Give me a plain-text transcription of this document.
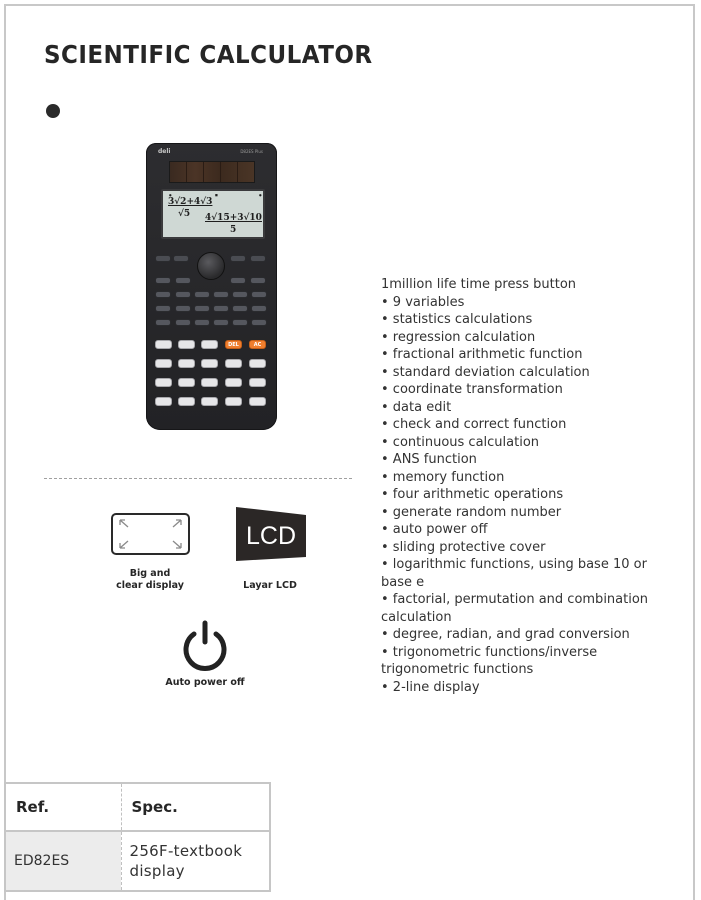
SCIENTIFIC CALCULATOR
deli	D82ES Plus
●	■	●
3√2+4√3
√5 4√15+3√10
5
DEL	AC
Big and
clear display
LCD
Layar LCD
Auto power off
1million life time press button
• 9 variables
• statistics calculations
• regression calculation
• fractional arithmetic function
• standard deviation calculation
• coordinate transformation
• data edit
• check and correct function
• continuous calculation
• ANS function
• memory function
• four arithmetic operations
• generate random number
• auto power off
• sliding protective cover
• logarithmic functions, using base 10 or
base e
• factorial, permutation and combination
calculation
• degree, radian, and grad conversion
• trigonometric functions/inverse
trigonometric functions
• 2-line display
Ref.	Spec.
ED82ES	256F-textbook
display
